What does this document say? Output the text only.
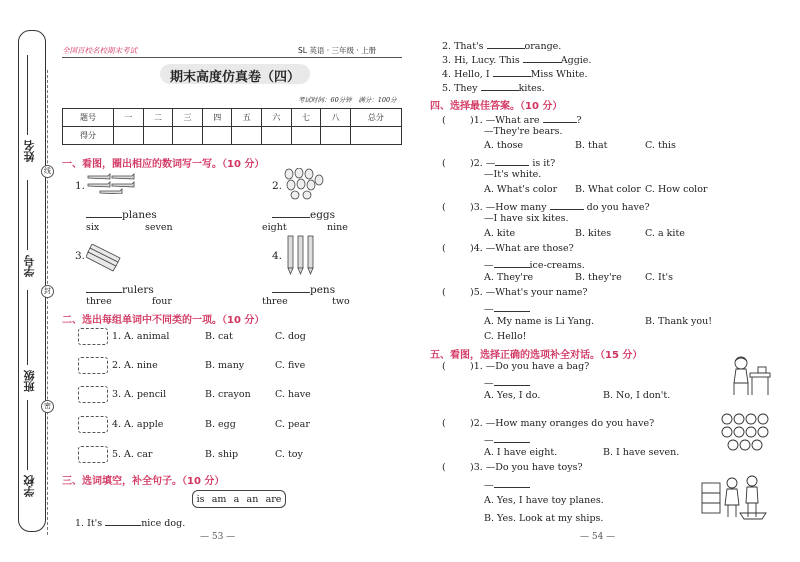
姓名
学号
班级
学校
线
封
密
全国百校名校期末考试	SL 英语 · 三年级 · 上册
期末高度仿真卷（四）
考试时间：60分钟　满分：100分
题号	一	二	三	四	五	六	七	八	总分
得分									
一、看图，圈出相应的数词写一写。（10 分）
1.
planes
six	seven
2.
eggs
eight	nine
3.
rulers
three	four
4.
pens
three	two
二、选出每组单词中不同类的一项。（10 分）
1. A. animal	B. cat	C. dog
2. A. nine	B. many	C. five
3. A. pencil	B. crayon	C. have
4. A. apple	B. egg	C. pear
5. A. car	B. ship	C. toy
三、选词填空，补全句子。（10 分）
is am a an are
1. It's	nice dog.
— 53 —
2. That's	orange.
3. Hi, Lucy. This	Aggie.
4. Hello, I	Miss White.
5. They	kites.
四、选择最佳答案。（10 分）
(	)1. —What are	?
—They're bears.
A. those	B. that	C. this
(	)2. —	is it?
—It's white.
A. What's color B. What color C. How color
(	)3. —How many	do you have?
—I have six kites.
A. kite	B. kites	C. a kite
(	)4. —What are those?
—	ice-creams.
A. They're	B. they're C. It's
(	)5. —What's your name?
—
A. My name is Li Yang.	B. Thank you!
C. Hello!
五、看图，选择正确的选项补全对话。（15 分）
(	)1. —Do you have a bag?
—
A. Yes, I do.	B. No, I don't.
(	)2. —How many oranges do you have?
—
A. I have eight.	B. I have seven.
(	)3. —Do you have toys?
—
A. Yes, I have toy planes.
B. Yes. Look at my ships.
— 54 —
